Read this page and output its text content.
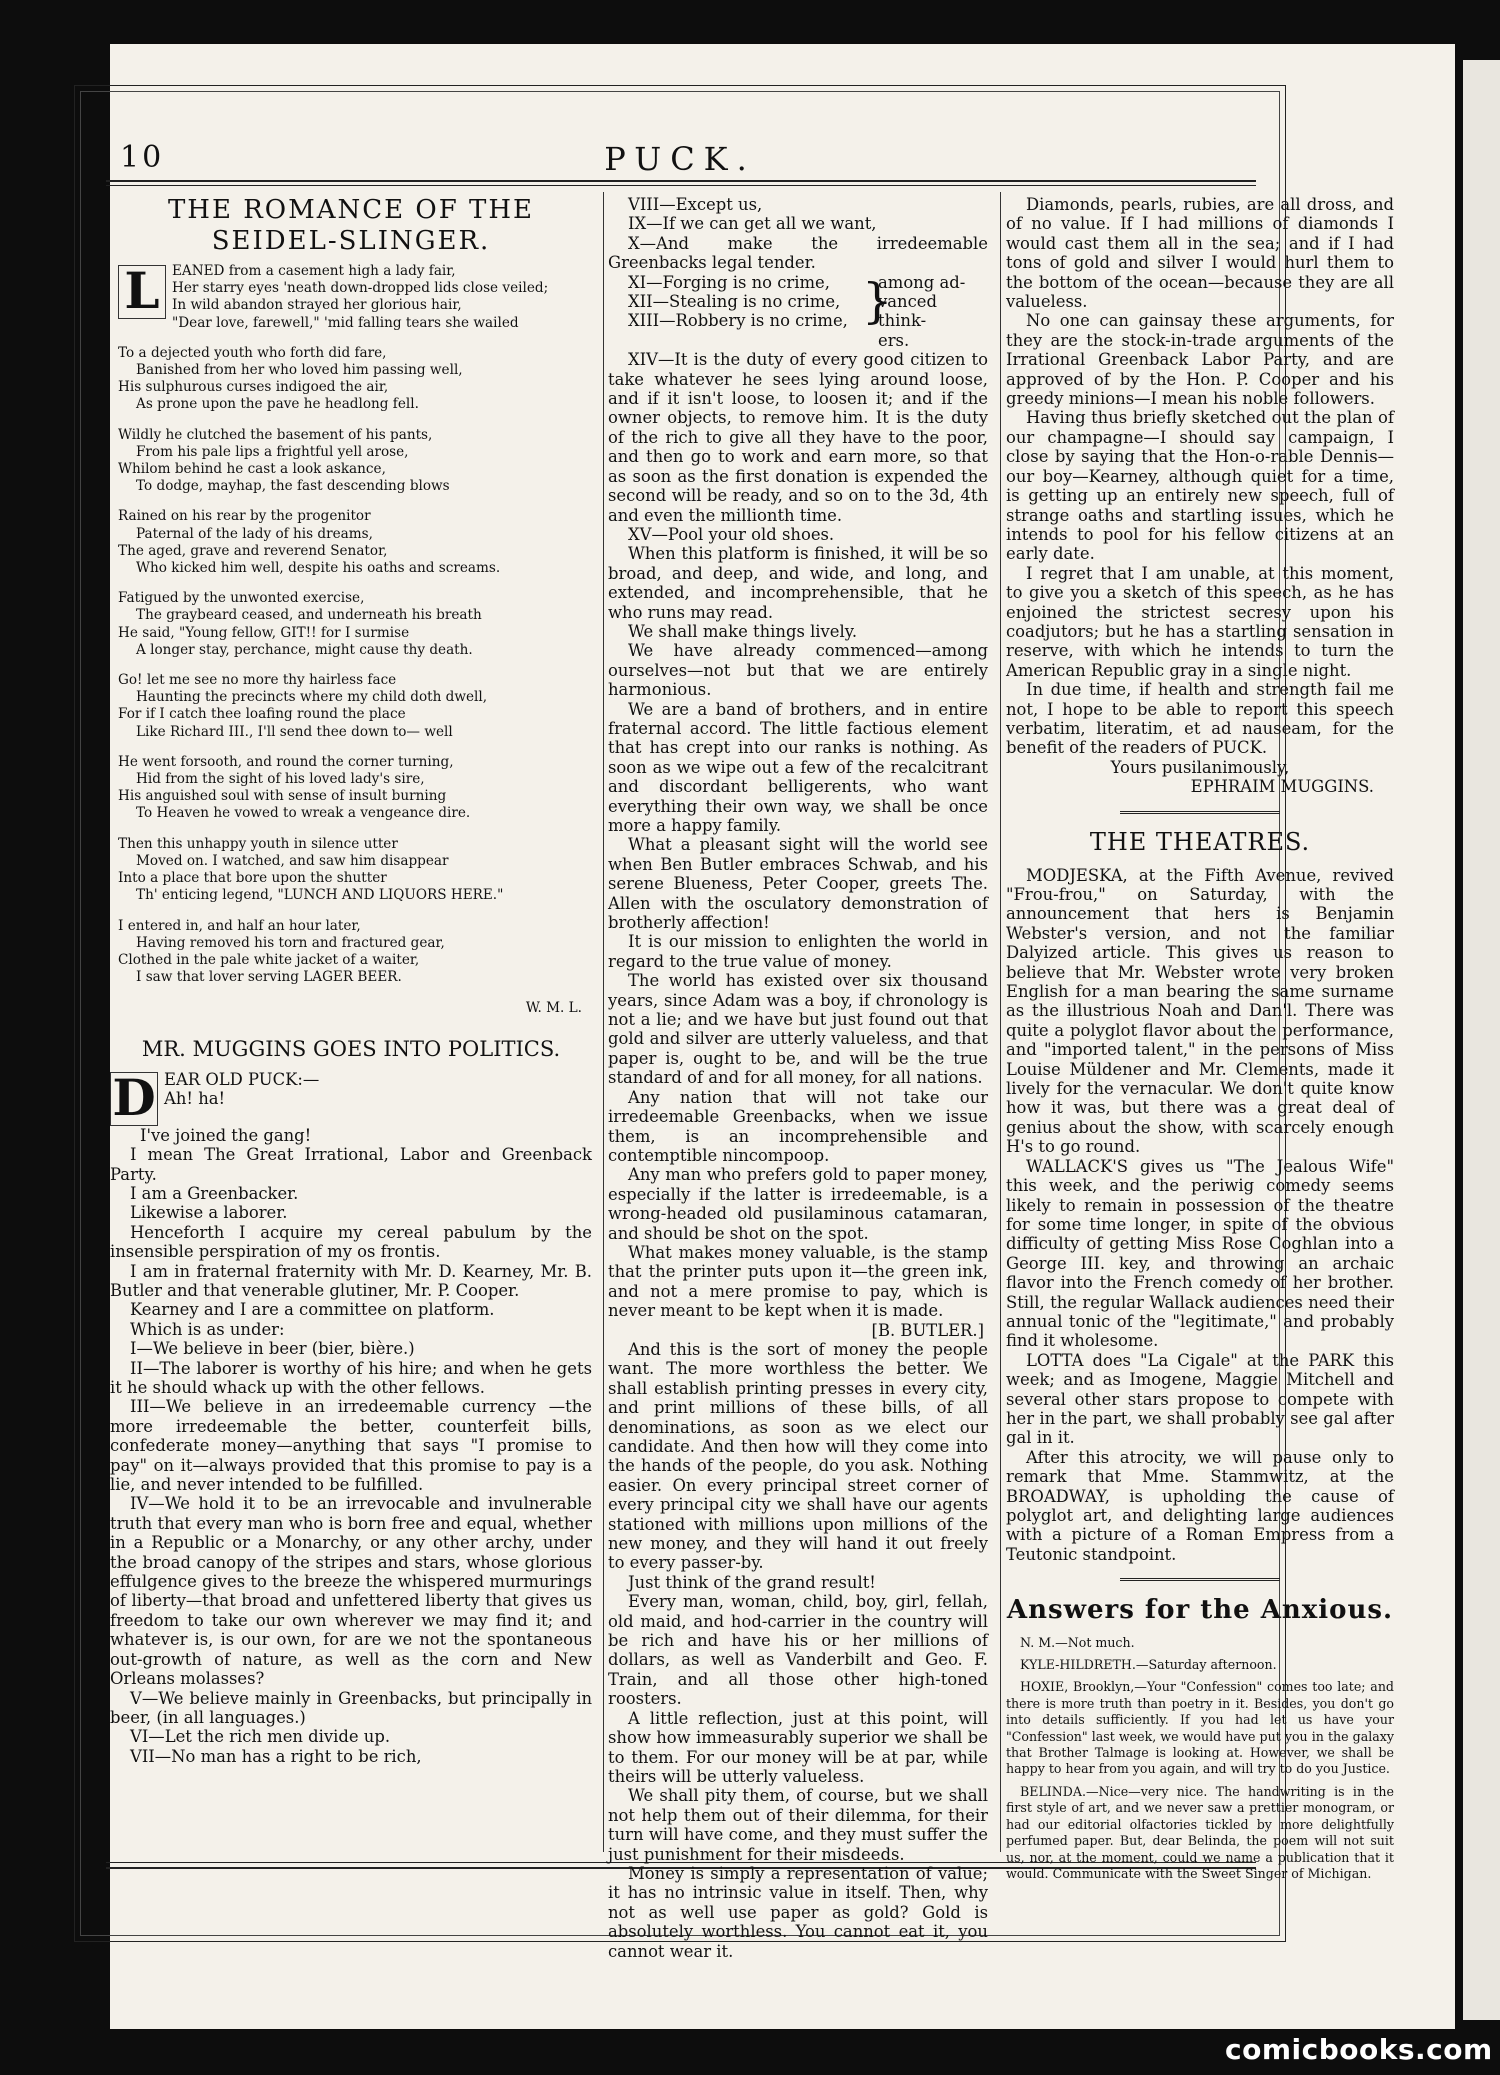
10	PUCK.
THE ROMANCE OF THE
SEIDEL-SLINGER.
L EANED from a casement high a lady fair,
Her starry eyes 'neath down-dropped lids close veiled;
In wild abandon strayed her glorious hair,
"Dear love, farewell," 'mid falling tears she wailed
To a dejected youth who forth did fare,
Banished from her who loved him passing well,
His sulphurous curses indigoed the air,
As prone upon the pave he headlong fell.
Wildly he clutched the basement of his pants,
From his pale lips a frightful yell arose,
Whilom behind he cast a look askance,
To dodge, mayhap, the fast descending blows
Rained on his rear by the progenitor
Paternal of the lady of his dreams,
The aged, grave and reverend Senator,
Who kicked him well, despite his oaths and screams.
Fatigued by the unwonted exercise,
The graybeard ceased, and underneath his breath
He said, "Young fellow, GIT!! for I surmise
A longer stay, perchance, might cause thy death.
Go! let me see no more thy hairless face
Haunting the precincts where my child doth dwell,
For if I catch thee loafing round the place
Like Richard III., I'll send thee down to— well
He went forsooth, and round the corner turning,
Hid from the sight of his loved lady's sire,
His anguished soul with sense of insult burning
To Heaven he vowed to wreak a vengeance dire.
Then this unhappy youth in silence utter
Moved on. I watched, and saw him disappear
Into a place that bore upon the shutter
Th' enticing legend, "LUNCH AND LIQUORS HERE."
I entered in, and half an hour later,
Having removed his torn and fractured gear,
Clothed in the pale white jacket of a waiter,
I saw that lover serving LAGER BEER.
W. M. L.
MR. MUGGINS GOES INTO POLITICS.
D EAR OLD PUCK:—
Ah! ha!
I've joined the gang!

I mean The Great Irrational, Labor and Greenback Party.

I am a Greenbacker.

Likewise a laborer.

Henceforth I acquire my cereal pabulum by the insensible perspiration of my os frontis.

I am in fraternal fraternity with Mr. D. Kearney, Mr. B. Butler and that venerable glutiner, Mr. P. Cooper.

Kearney and I are a committee on platform.

Which is as under:

I—We believe in beer (bier, bière.)

II—The laborer is worthy of his hire; and when he gets it he should whack up with the other fellows.

III—We believe in an irredeemable currency —the more irredeemable the better, counterfeit bills, confederate money—anything that says "I promise to pay" on it—always provided that this promise to pay is a lie, and never intended to be fulfilled.

IV—We hold it to be an irrevocable and invulnerable truth that every man who is born free and equal, whether in a Republic or a Monarchy, or any other archy, under the broad canopy of the stripes and stars, whose glorious effulgence gives to the breeze the whispered murmurings of liberty—that broad and unfettered liberty that gives us freedom to take our own wherever we may find it; and whatever is, is our own, for are we not the spontaneous out-growth of nature, as well as the corn and New Orleans molasses?

V—We believe mainly in Greenbacks, but principally in beer, (in all languages.)

VI—Let the rich men divide up.

VII—No man has a right to be rich,

VIII—Except us,

IX—If we can get all we want,

X—And make the irredeemable Greenbacks legal tender.

XI—Forging is no crime,
XII—Stealing is no crime,
XIII—Robbery is no crime, }
among ad-
vanced think-
ers.

XIV—It is the duty of every good citizen to take whatever he sees lying around loose, and if it isn't loose, to loosen it; and if the owner objects, to remove him. It is the duty of the rich to give all they have to the poor, and then go to work and earn more, so that as soon as the first donation is expended the second will be ready, and so on to the 3d, 4th and even the millionth time.

XV—Pool your old shoes.

When this platform is finished, it will be so broad, and deep, and wide, and long, and extended, and incomprehensible, that he who runs may read.

We shall make things lively.

We have already commenced—among ourselves—not but that we are entirely harmonious.

We are a band of brothers, and in entire fraternal accord. The little factious element that has crept into our ranks is nothing. As soon as we wipe out a few of the recalcitrant and discordant belligerents, who want everything their own way, we shall be once more a happy family.

What a pleasant sight will the world see when Ben Butler embraces Schwab, and his serene Blueness, Peter Cooper, greets The. Allen with the osculatory demonstration of brotherly affection!

It is our mission to enlighten the world in regard to the true value of money.

The world has existed over six thousand years, since Adam was a boy, if chronology is not a lie; and we have but just found out that gold and silver are utterly valueless, and that paper is, ought to be, and will be the true standard of and for all money, for all nations.

Any nation that will not take our irredeemable Greenbacks, when we issue them, is an incomprehensible and contemptible nincompoop.

Any man who prefers gold to paper money, especially if the latter is irredeemable, is a wrong-headed old pusilaminous catamaran, and should be shot on the spot.

What makes money valuable, is the stamp that the printer puts upon it—the green ink, and not a mere promise to pay, which is never meant to be kept when it is made.

[B. BUTLER.]

And this is the sort of money the people want. The more worthless the better. We shall establish printing presses in every city, and print millions of these bills, of all denominations, as soon as we elect our candidate. And then how will they come into the hands of the people, do you ask. Nothing easier. On every principal street corner of every principal city we shall have our agents stationed with millions upon millions of the new money, and they will hand it out freely to every passer-by.

Just think of the grand result!

Every man, woman, child, boy, girl, fellah, old maid, and hod-carrier in the country will be rich and have his or her millions of dollars, as well as Vanderbilt and Geo. F. Train, and all those other high-toned roosters.

A little reflection, just at this point, will show how immeasurably superior we shall be to them. For our money will be at par, while theirs will be utterly valueless.

We shall pity them, of course, but we shall not help them out of their dilemma, for their turn will have come, and they must suffer the just punishment for their misdeeds.

Money is simply a representation of value; it has no intrinsic value in itself. Then, why not as well use paper as gold? Gold is absolutely worthless. You cannot eat it, you cannot wear it.

Diamonds, pearls, rubies, are all dross, and of no value. If I had millions of diamonds I would cast them all in the sea; and if I had tons of gold and silver I would hurl them to the bottom of the ocean—because they are all valueless.

No one can gainsay these arguments, for they are the stock-in-trade arguments of the Irrational Greenback Labor Party, and are approved of by the Hon. P. Cooper and his greedy minions—I mean his noble followers.

Having thus briefly sketched out the plan of our champagne—I should say campaign, I close by saying that the Hon-o-rable Dennis—our boy—Kearney, although quiet for a time, is getting up an entirely new speech, full of strange oaths and startling issues, which he intends to pool for his fellow citizens at an early date.

I regret that I am unable, at this moment, to give you a sketch of this speech, as he has enjoined the strictest secresy upon his coadjutors; but he has a startling sensation in reserve, with which he intends to turn the American Republic gray in a single night.

In due time, if health and strength fail me not, I hope to be able to report this speech verbatim, literatim, et ad nauseam, for the benefit of the readers of PUCK.

Yours pusilanimously,
EPHRAIM MUGGINS.
THE THEATRES.

MODJESKA, at the Fifth Avenue, revived "Frou-frou," on Saturday, with the announcement that hers is Benjamin Webster's version, and not the familiar Dalyized article. This gives us reason to believe that Mr. Webster wrote very broken English for a man bearing the same surname as the illustrious Noah and Dan'l. There was quite a polyglot flavor about the performance, and "imported talent," in the persons of Miss Louise Müldener and Mr. Clements, made it lively for the vernacular. We don't quite know how it was, but there was a great deal of genius about the show, with scarcely enough H's to go round.

WALLACK'S gives us "The Jealous Wife" this week, and the periwig comedy seems likely to remain in possession of the theatre for some time longer, in spite of the obvious difficulty of getting Miss Rose Coghlan into a George III. key, and throwing an archaic flavor into the French comedy of her brother. Still, the regular Wallack audiences need their annual tonic of the "legitimate," and probably find it wholesome.

LOTTA does "La Cigale" at the PARK this week; and as Imogene, Maggie Mitchell and several other stars propose to compete with her in the part, we shall probably see gal after gal in it.

After this atrocity, we will pause only to remark that Mme. Stammwitz, at the BROADWAY, is upholding the cause of polyglot art, and delighting large audiences with a picture of a Roman Empress from a Teutonic standpoint.

Answers for the Anxious.

N. M.—Not much.

KYLE-HILDRETH.—Saturday afternoon.

HOXIE, Brooklyn,—Your "Confession" comes too late; and there is more truth than poetry in it. Besides, you don't go into details sufficiently. If you had let us have your "Confession" last week, we would have put you in the galaxy that Brother Talmage is looking at. However, we shall be happy to hear from you again, and will try to do you Justice.

BELINDA.—Nice—very nice. The handwriting is in the first style of art, and we never saw a prettier monogram, or had our editorial olfactories tickled by more delightfully perfumed paper. But, dear Belinda, the poem will not suit us, nor, at the moment, could we name a publication that it would. Communicate with the Sweet Singer of Michigan.

comicbooks.com
